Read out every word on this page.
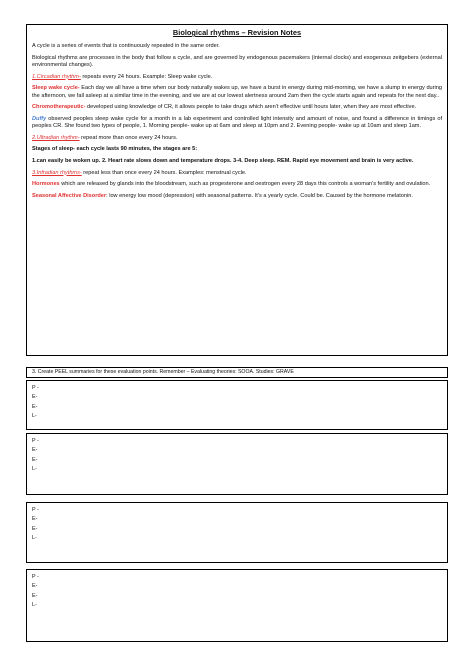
Biological rhythms – Revision Notes

A cycle is a series of events that is continuously repeated in the same order.

Biological rhythms are processes in the body that follow a cycle, and are governed by endogenous pacemakers (internal clocks) and exogenous zeitgebers (external environmental changes).

1.Circadian rhythm- repeats every 24 hours. Example: Sleep wake cycle.

Sleep wake cycle- Each day we all have a time when our body naturally wakes up, we have a burst in energy during mid-morning, we have a slump in energy during the afternoon, we fall asleep at a similar time in the evening, and we are at our lowest alertness around 2am then the cycle starts again and repeats for the next day..

Chromotherapeutic- developed using knowledge of CR, it allows people to take drugs which aren’t effective until hours later, when they are most effective.

Duffy observed peoples sleep wake cycle for a month in a lab experiment and controlled light intensity and amount of noise, and found a difference in timings of peoples CR. She found two types of people, 1. Morning people- wake up at 6am and sleep at 10pm and 2. Evening people- wake up at 10am and sleep 1am.

2.Ultradian rhythm- repeat more than once every 24 hours.

Stages of sleep- each cycle lasts 90 minutes, the stages are 5:

1.can easily be woken up. 2. Heart rate slows down and temperature drops. 3-4. Deep sleep. REM. Rapid eye movement and brain is very active.

3.Infradian rhythms- repeat less than once every 24 hours. Examples: menstrual cycle.

Hormones which are released by glands into the bloodstream, such as progesterone and oestrogen every 28 days this controls a woman’s fertility and ovulation.

Seasonal Affective Disorder: low energy low mood (depression) with seasonal patterns. It’s a yearly cycle. Could be. Caused by the hormone melatonin.

3. Create PEEL summaries for these evaluation points. Remember – Evaluating theories: SOOA. Studies: GRAVE
P -
E-
E-
L-
P -
E-
E-
L-
P -
E-
E-
L-
P -
E-
E-
L-
